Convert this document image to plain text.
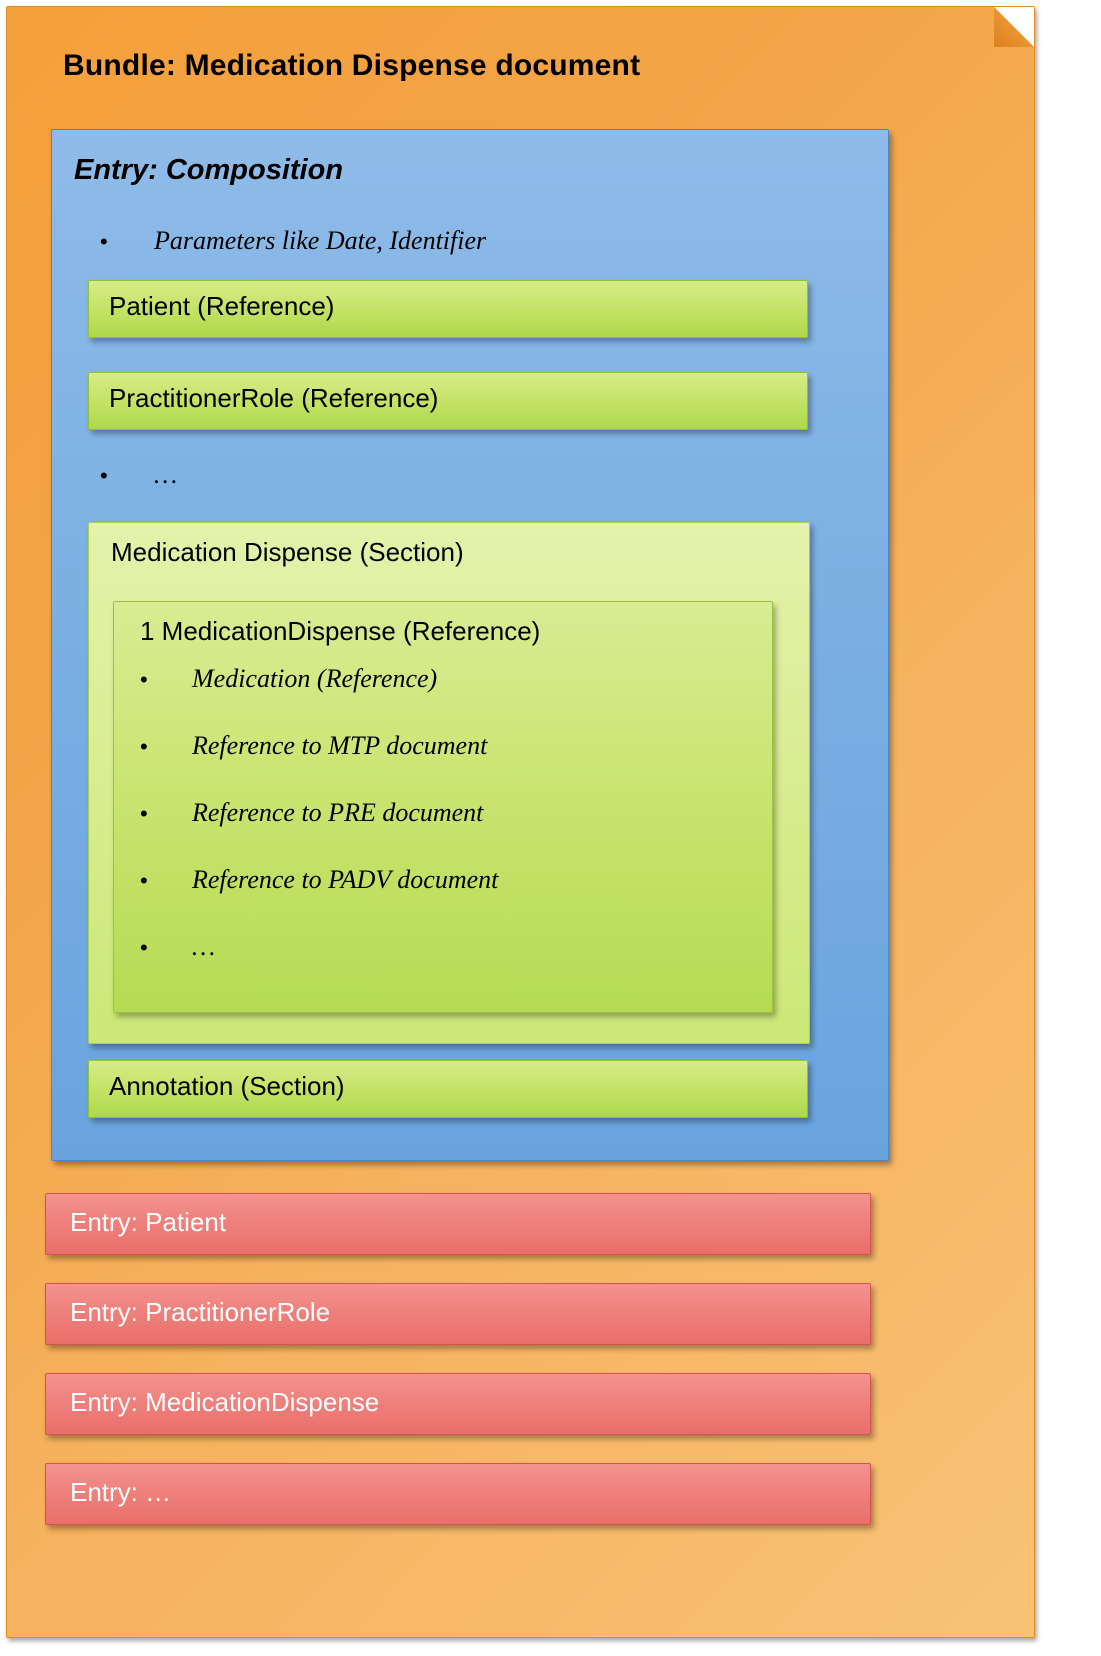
Bundle: Medication Dispense document
Entry: Composition
•	Parameters like Date, Identifier
Patient (Reference)
PractitionerRole (Reference)
•	…
Medication Dispense (Section)
1 MedicationDispense (Reference)
•	Medication (Reference)
•	Reference to MTP document
•	Reference to PRE document
•	Reference to PADV document
•	…
Annotation (Section)
Entry: Patient
Entry: PractitionerRole
Entry: MedicationDispense
Entry: …
